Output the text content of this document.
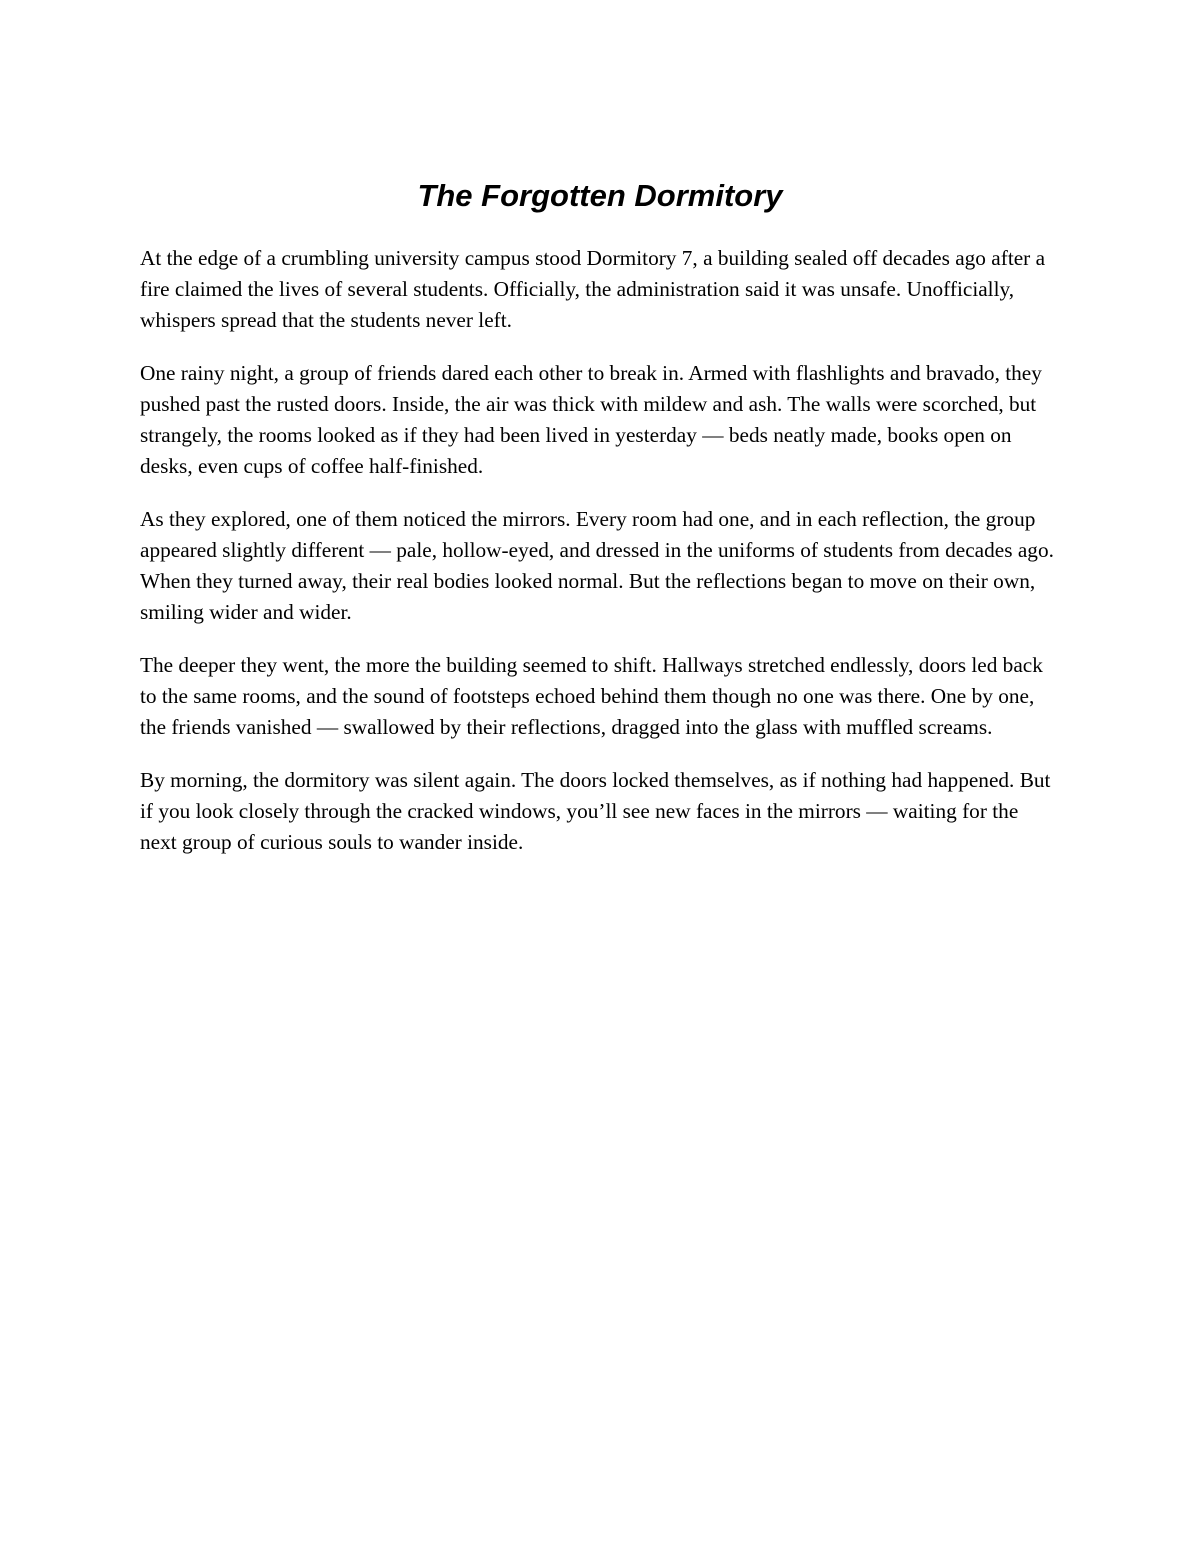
The Forgotten Dormitory

At the edge of a crumbling university campus stood Dormitory 7, a building sealed off decades ago after a fire claimed the lives of several students. Officially, the administration said it was unsafe. Unofficially, whispers spread that the students never left.

One rainy night, a group of friends dared each other to break in. Armed with flashlights and bravado, they pushed past the rusted doors. Inside, the air was thick with mildew and ash. The walls were scorched, but strangely, the rooms looked as if they had been lived in yesterday — beds neatly made, books open on desks, even cups of coffee half-finished.

As they explored, one of them noticed the mirrors. Every room had one, and in each reflection, the group appeared slightly different — pale, hollow-eyed, and dressed in the uniforms of students from decades ago. When they turned away, their real bodies looked normal. But the reflections began to move on their own, smiling wider and wider.

The deeper they went, the more the building seemed to shift. Hallways stretched endlessly, doors led back to the same rooms, and the sound of footsteps echoed behind them though no one was there. One by one, the friends vanished — swallowed by their reflections, dragged into the glass with muffled screams.

By morning, the dormitory was silent again. The doors locked themselves, as if nothing had happened. But if you look closely through the cracked windows, you’ll see new faces in the mirrors — waiting for the next group of curious souls to wander inside.
